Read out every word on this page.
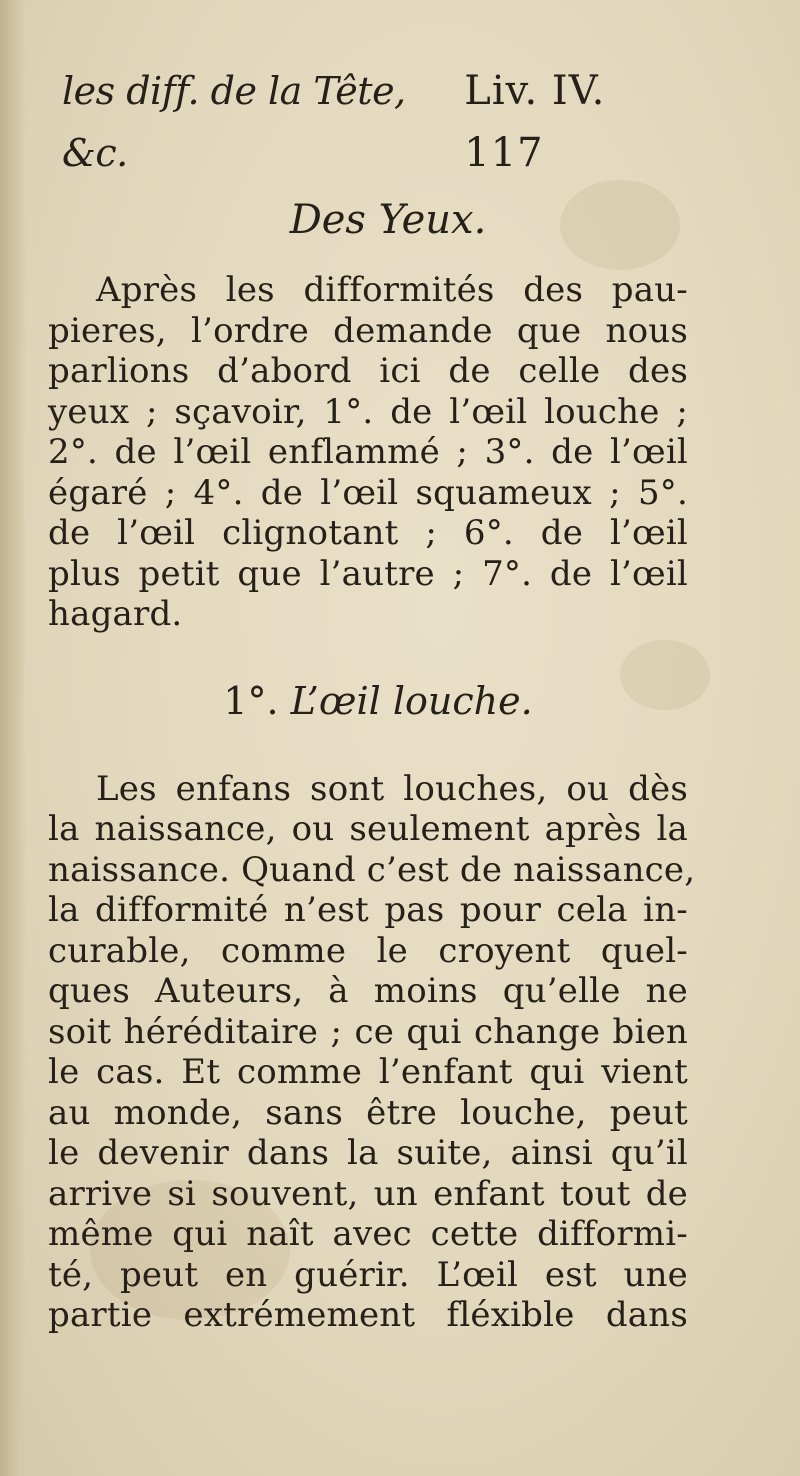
les diff. de la Tête, &c.
Liv. IV. 117
Des Yeux.
Après les difformités des pau-
pieres, l’ordre demande que nous
parlions d’abord ici de celle des
yeux ; sçavoir, 1°. de l’œil louche ;
2°. de l’œil enflammé ; 3°. de l’œil
égaré ; 4°. de l’œil squameux ; 5°.
de l’œil clignotant ; 6°. de l’œil
plus petit que l’autre ; 7°. de l’œil
hagard.
1°. L’œil louche.
Les enfans sont louches, ou dès
la naissance, ou seulement après la
naissance. Quand c’est de naissance,
la difformité n’est pas pour cela in-
curable, comme le croyent quel-
ques Auteurs, à moins qu’elle ne
soit héréditaire ; ce qui change bien
le cas. Et comme l’enfant qui vient
au monde, sans être louche, peut
le devenir dans la suite, ainsi qu’il
arrive si souvent, un enfant tout de
même qui naît avec cette difformi-
té, peut en guérir. L’œil est une
partie extrémement fléxible dans
